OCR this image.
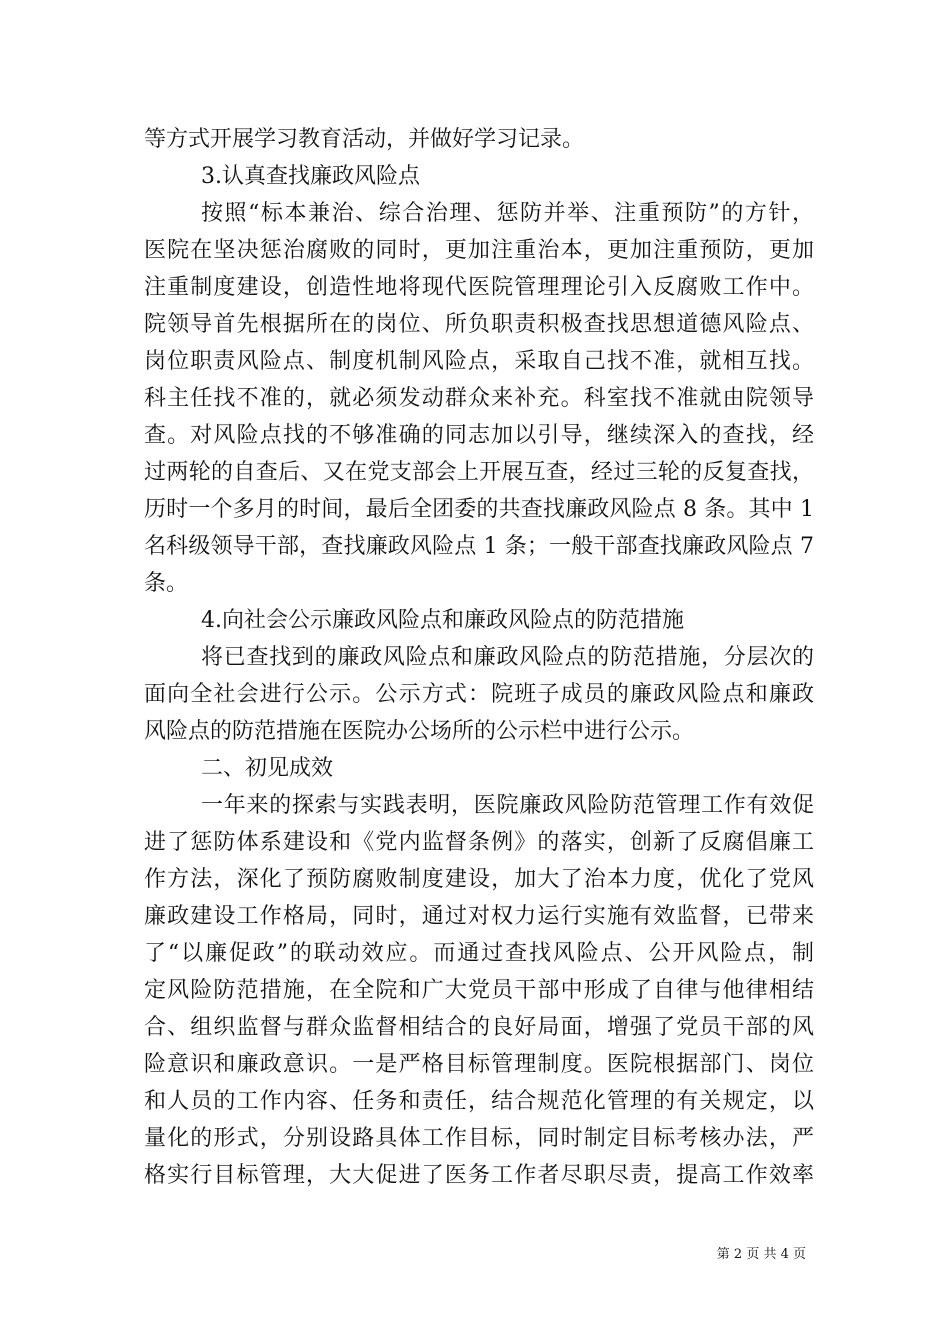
等方式开展学习教育活动，并做好学习记录。
3.认真查找廉政风险点
按照“标本兼治、综合治理、惩防并举、注重预防”的方针，
医院在坚决惩治腐败的同时，更加注重治本，更加注重预防，更加
注重制度建设，创造性地将现代医院管理理论引入反腐败工作中。
院领导首先根据所在的岗位、所负职责积极查找思想道德风险点、
岗位职责风险点、制度机制风险点，采取自己找不准，就相互找。
科主任找不准的，就必须发动群众来补充。科室找不准就由院领导
查。对风险点找的不够准确的同志加以引导，继续深入的查找，经
过两轮的自查后、又在党支部会上开展互查，经过三轮的反复查找，
历时一个多月的时间，最后全团委的共查找廉政风险点 8 条。其中 1
名科级领导干部，查找廉政风险点 1 条；一般干部查找廉政风险点 7
条。
4.向社会公示廉政风险点和廉政风险点的防范措施
将已查找到的廉政风险点和廉政风险点的防范措施，分层次的
面向全社会进行公示。公示方式：院班子成员的廉政风险点和廉政
风险点的防范措施在医院办公场所的公示栏中进行公示。
二、初见成效
一年来的探索与实践表明，医院廉政风险防范管理工作有效促
进了惩防体系建设和《党内监督条例》的落实，创新了反腐倡廉工
作方法，深化了预防腐败制度建设，加大了治本力度，优化了党风
廉政建设工作格局，同时，通过对权力运行实施有效监督，已带来
了“以廉促政”的联动效应。而通过查找风险点、公开风险点，制
定风险防范措施，在全院和广大党员干部中形成了自律与他律相结
合、组织监督与群众监督相结合的良好局面，增强了党员干部的风
险意识和廉政意识。一是严格目标管理制度。医院根据部门、岗位
和人员的工作内容、任务和责任，结合规范化管理的有关规定，以
量化的形式，分别设路具体工作目标，同时制定目标考核办法，严
格实行目标管理，大大促进了医务工作者尽职尽责，提高工作效率
第 2 页 共 4 页
